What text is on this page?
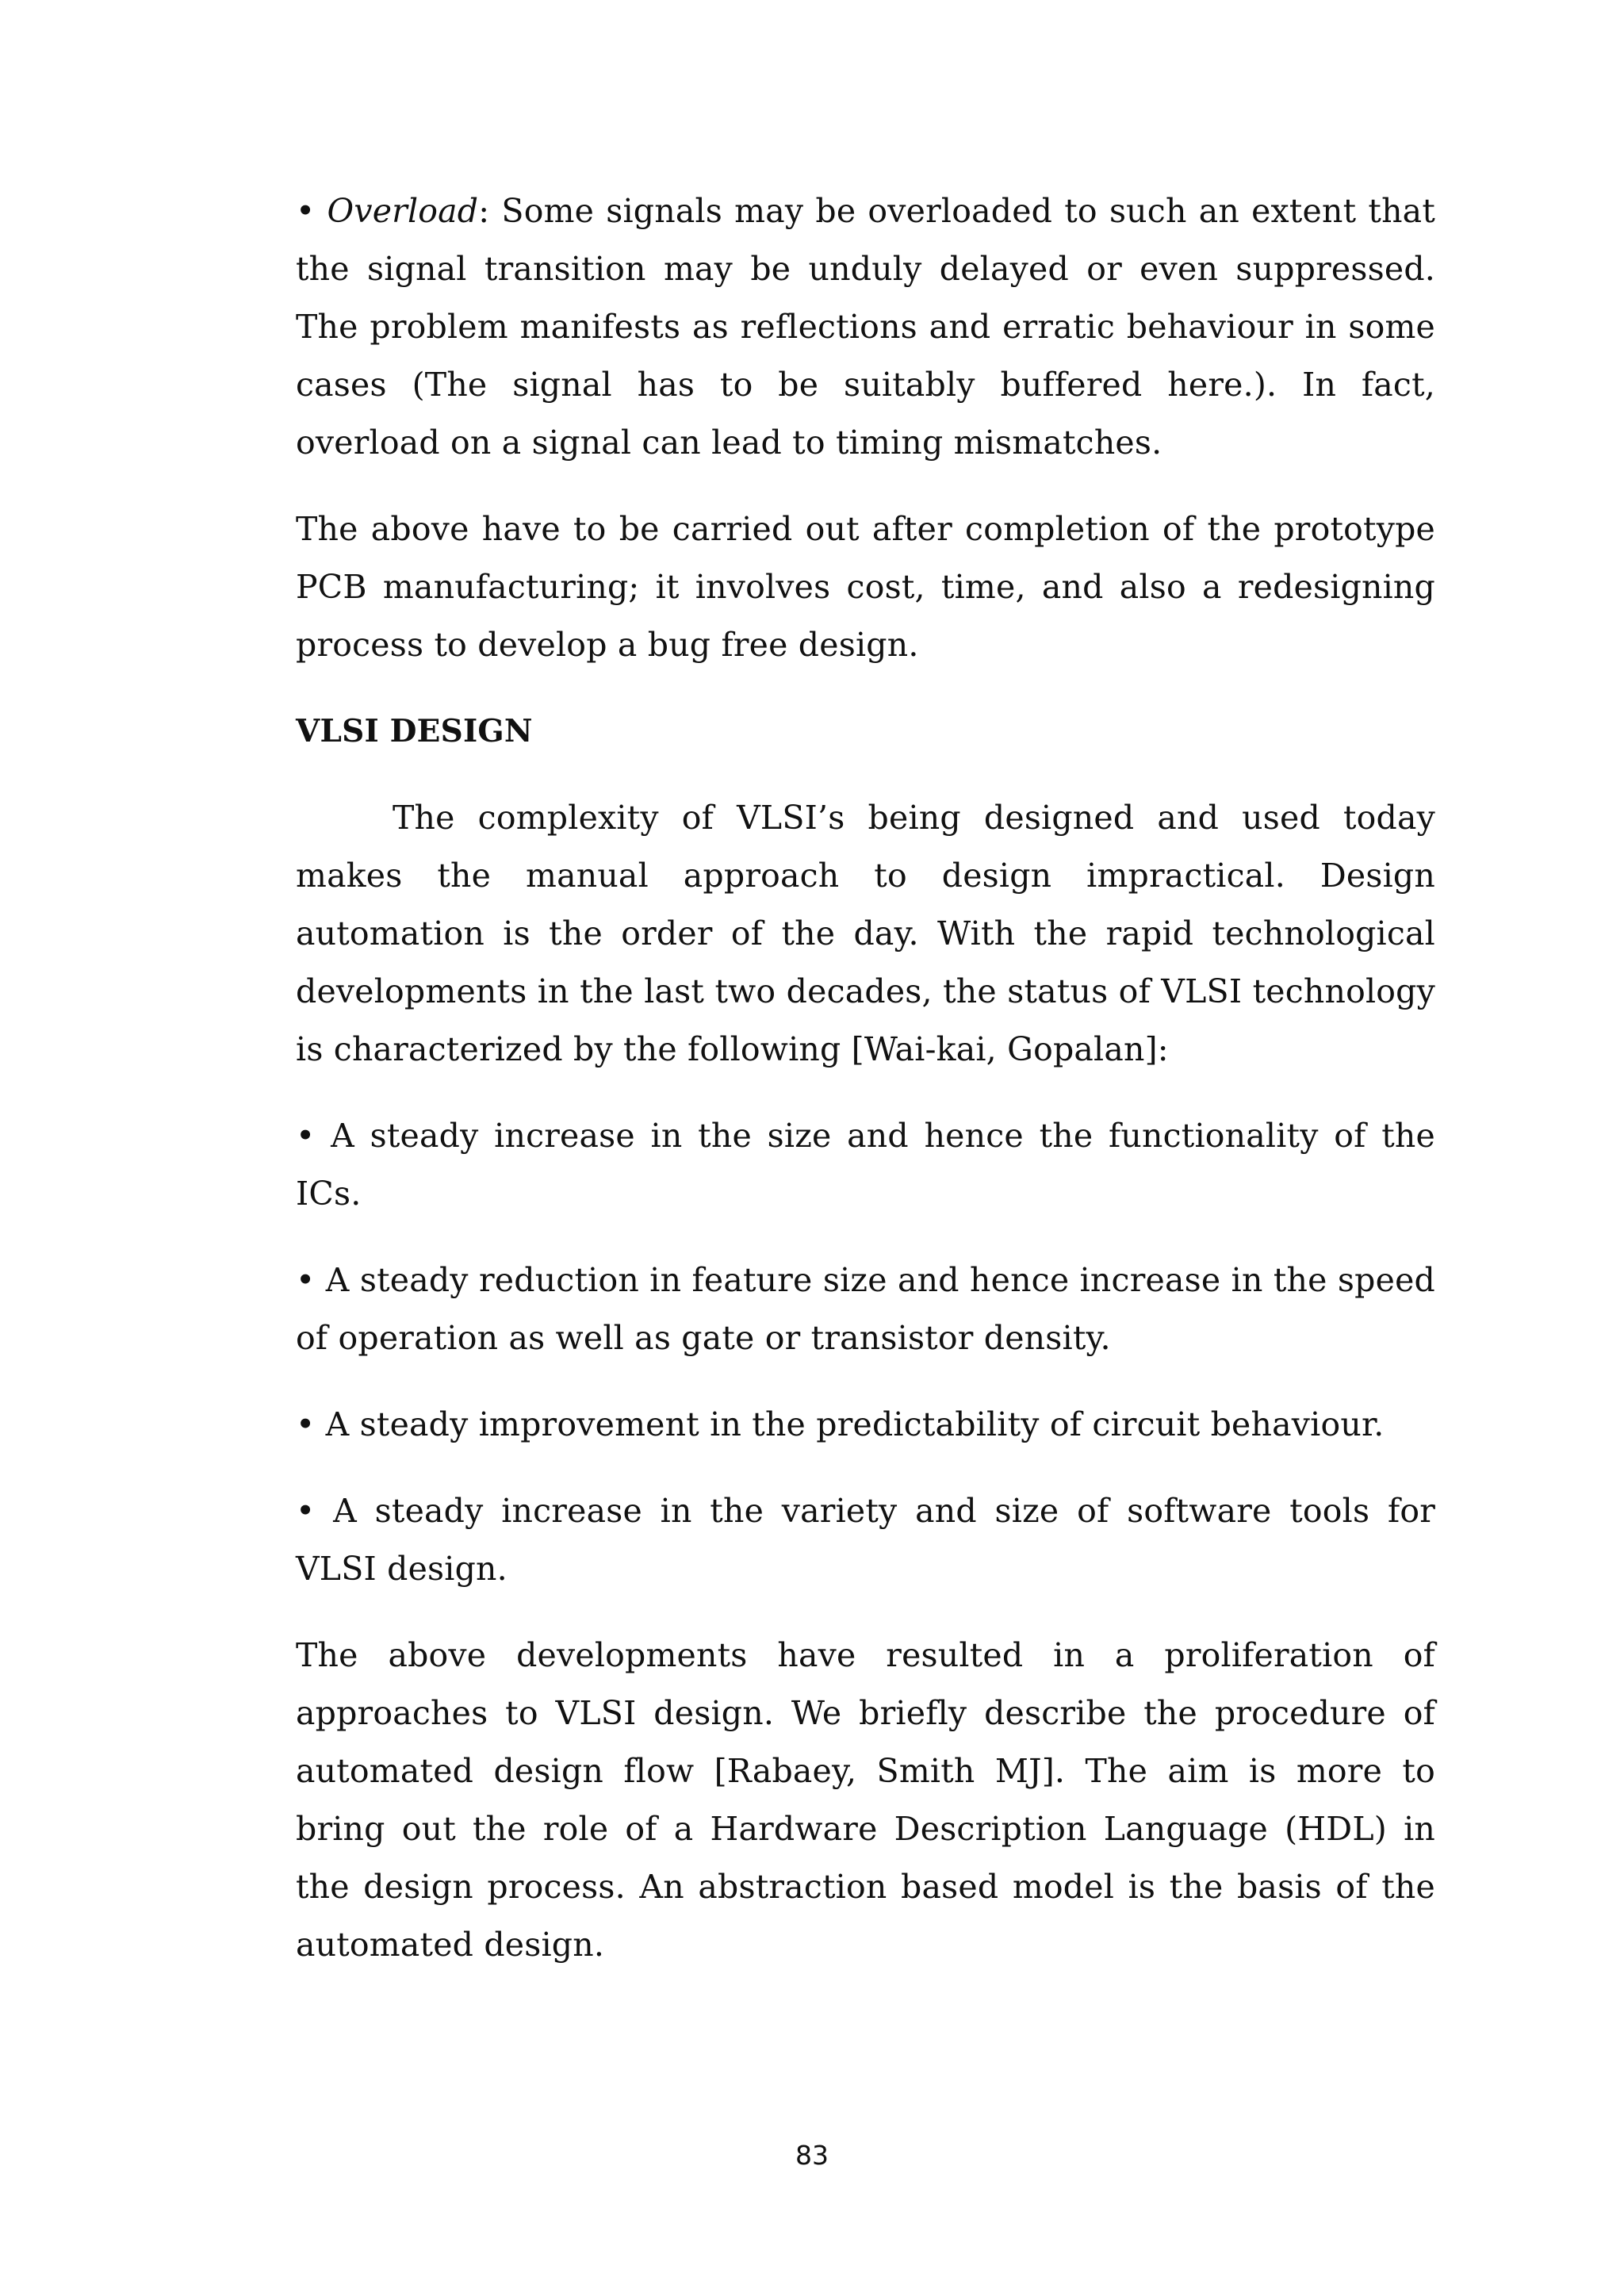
• Overload: Some signals may be overloaded to such an extent that the signal transition may be unduly delayed or even suppressed. The problem manifests as reflections and erratic behaviour in some cases (The signal has to be suitably buffered here.). In fact, overload on a signal can lead to timing mismatches.

The above have to be carried out after completion of the prototype PCB manufacturing; it involves cost, time, and also a redesigning process to develop a bug free design.

VLSI DESIGN

The complexity of VLSI’s being designed and used today makes the manual approach to design impractical. Design automation is the order of the day. With the rapid technological developments in the last two decades, the status of VLSI technology is characterized by the following [Wai-kai, Gopalan]:

• A steady increase in the size and hence the functionality of the ICs.

• A steady reduction in feature size and hence increase in the speed of operation as well as gate or transistor density.

• A steady improvement in the predictability of circuit behaviour.

• A steady increase in the variety and size of software tools for VLSI design.

The above developments have resulted in a proliferation of approaches to VLSI design. We briefly describe the procedure of automated design flow [Rabaey, Smith MJ]. The aim is more to bring out the role of a Hardware Description Language (HDL) in the design process. An abstraction based model is the basis of the automated design.

83
